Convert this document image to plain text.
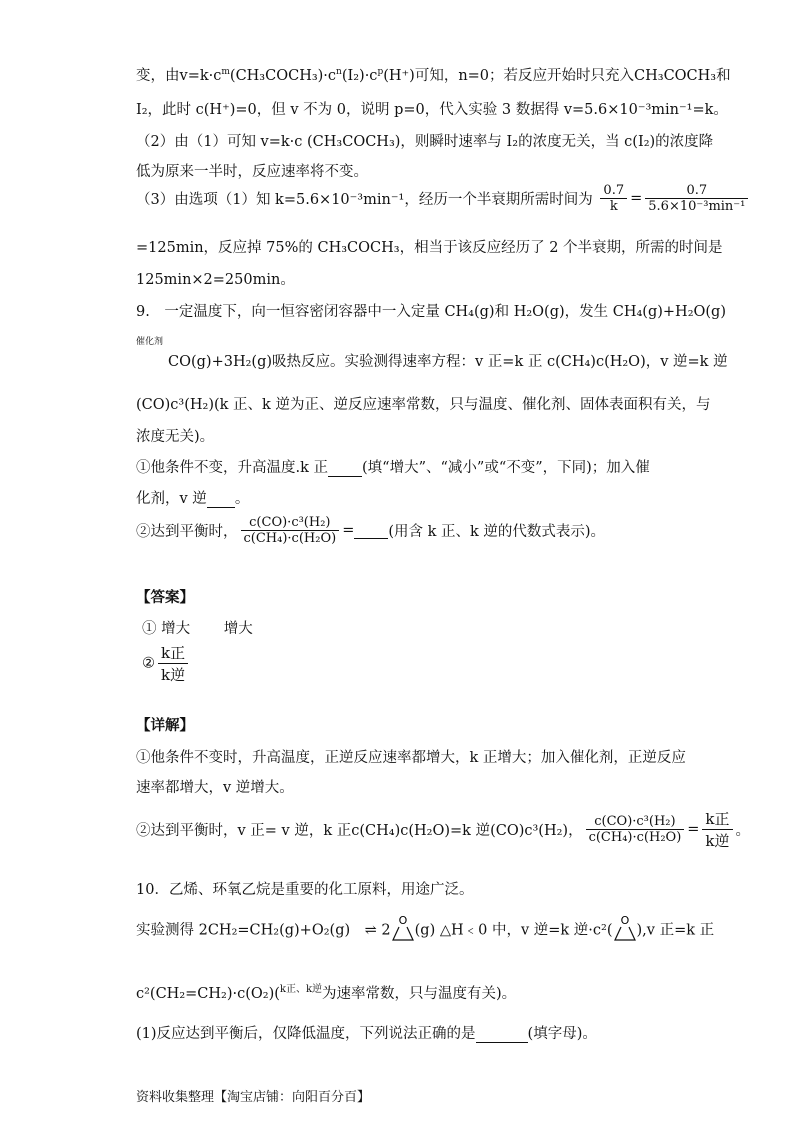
变，由$v=k\cdot c^m(CH_3COCH_3)\cdot c^n(I_2)\cdot c^p(H^+)$可知，n=0；若反应开始时只充入CH₃COCH₃和
I₂，此时 c(H⁺)=0，但 v 不为 0，说明 p=0，代入实验 3 数据得 v=5.6×10⁻³min⁻¹=k。
（2）由（1）可知 v=k·c (CH₃COCH₃)，则瞬时速率与 I₂的浓度无关，当 c(I₂)的浓度降
低为原来一半时，反应速率将不变。
（3）由选项（1）知 k=5.6×10⁻³min⁻¹，经历一个半衰期所需时间为 $\frac{0.7}{k} = \frac{0.7}{\text{5.6×10⁻³min⁻¹}}$
=125min，反应掉 75%的 CH₃COCH₃，相当于该反应经历了 2 个半衰期，所需的时间是
125min×2=250min。
9.　一定温度下，向一恒容密闭容器中一入定量 CH₄(g)和 H₂O(g)，发生 CH₄(g)+H₂O(g)
催化剂
CO(g)+3H₂(g)吸热反应。实验测得速率方程：v 正=k 正 c(CH₄)c(H₂O)，v 逆=k 逆
(CO)c³(H₂)(k 正、k 逆为正、逆反应速率常数，只与温度、催化剂、固体表面积有关，与
浓度无关)。
①他条件不变，升高温度.k 正 (填“增大”、“减小”或“不变”，下同)；加入催
化剂，v 逆 。
②达到平衡时， $\frac{\text{c(CO)·c³(H₂)}}{\text{c(CH₄)·c(H₂O)}}$ = (用含 k 正、k 逆的代数式表示)。
【答案】
① 增大　　 增大
② $\frac{\text{k正}}{\text{k逆}}$
【详解】
①他条件不变时，升高温度，正逆反应速率都增大，k 正增大；加入催化剂，正逆反应
速率都增大，v 逆增大。
②达到平衡时，v 正= v 逆，k 正c(CH₄)c(H₂O)=k 逆(CO)c³(H₂)， $\frac{\text{c(CO)·c³(H₂)}}{\text{c(CH₄)·c(H₂O)}} = \frac{\text{k正}}{\text{k逆}}$ 。
10．乙烯、环氧乙烷是重要的化工原料，用途广泛。
实验测得 2CH₂=CH₂(g)+O₂(g)　⇌ 2
O
(g) △H﹤0 中，v 逆=k 逆·c²(
O
),v 正=k 正
c²(CH₂=CH₂)·c(O₂)($^{k正、k逆}$为速率常数，只与温度有关)。
(1)反应达到平衡后，仅降低温度，下列说法正确的是	(填字母)。
资料收集整理【淘宝店铺：向阳百分百】
